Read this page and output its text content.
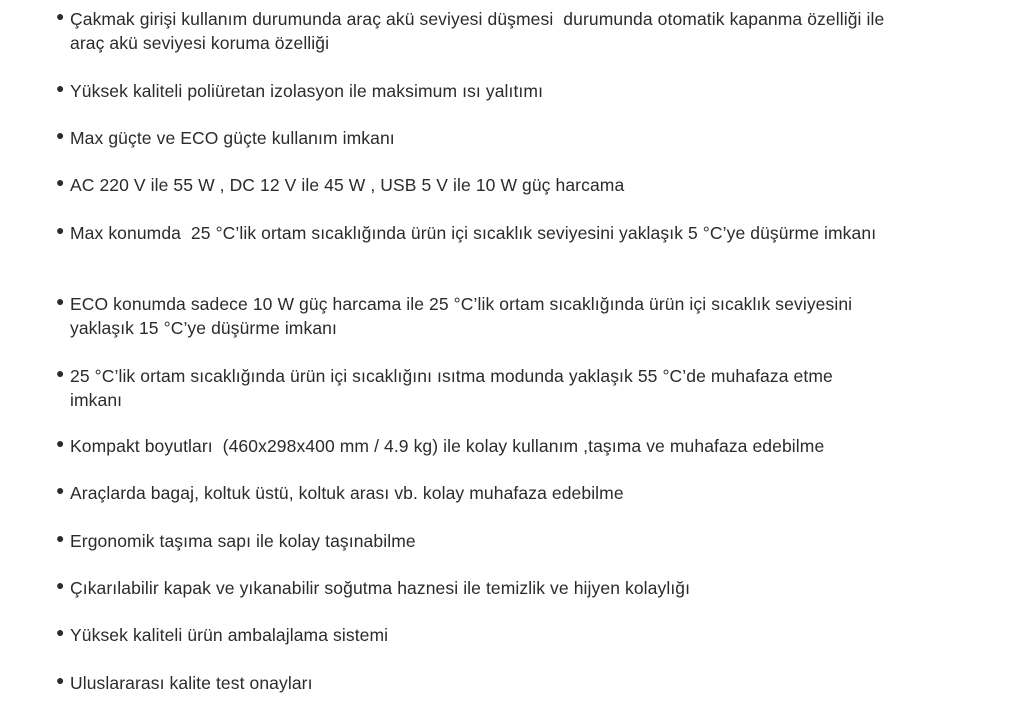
● Çakmak girişi kullanım durumunda araç akü seviyesi düşmesi  durumunda otomatik kapanma özelliği ile araç akü seviyesi koruma özelliği
● Yüksek kaliteli poliüretan izolasyon ile maksimum ısı yalıtımı
● Max güçte ve ECO güçte kullanım imkanı
● AC 220 V ile 55 W , DC 12 V ile 45 W , USB 5 V ile 10 W güç harcama
● Max konumda  25 °C’lik ortam sıcaklığında ürün içi sıcaklık seviyesini yaklaşık 5 °C’ye düşürme imkanı
● ECO konumda sadece 10 W güç harcama ile 25 °C’lik ortam sıcaklığında ürün içi sıcaklık seviyesini yaklaşık 15 °C’ye düşürme imkanı
● 25 °C’lik ortam sıcaklığında ürün içi sıcaklığını ısıtma modunda yaklaşık 55 °C’de muhafaza etme imkanı
● Kompakt boyutları  (460x298x400 mm / 4.9 kg) ile kolay kullanım ,taşıma ve muhafaza edebilme
● Araçlarda bagaj, koltuk üstü, koltuk arası vb. kolay muhafaza edebilme
● Ergonomik taşıma sapı ile kolay taşınabilme
● Çıkarılabilir kapak ve yıkanabilir soğutma haznesi ile temizlik ve hijyen kolaylığı
● Yüksek kaliteli ürün ambalajlama sistemi
● Uluslararası kalite test onayları
